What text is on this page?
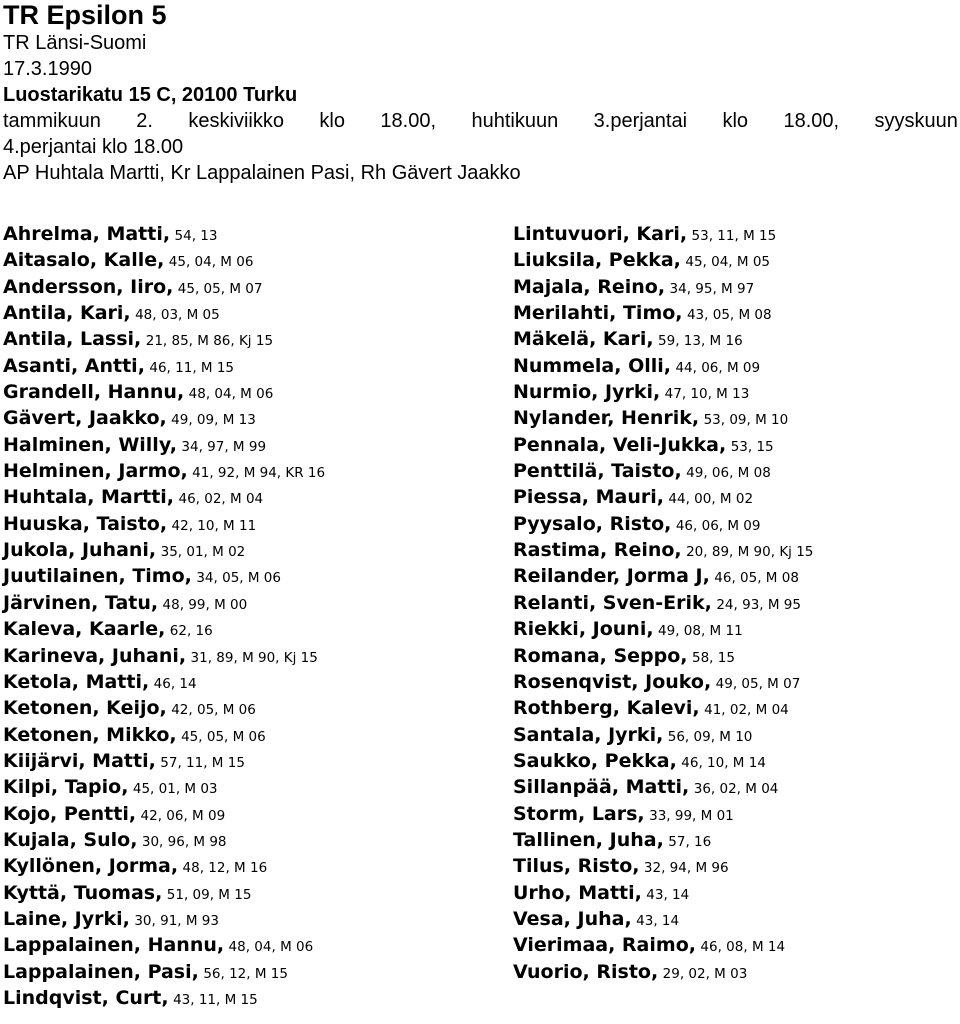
TR Epsilon 5
TR Länsi-Suomi
17.3.1990
Luostarikatu 15 C, 20100 Turku
tammikuun 2. keskiviikko klo 18.00, huhtikuun 3.perjantai klo 18.00, syyskuun
4.perjantai klo 18.00
AP Huhtala Martti, Kr Lappalainen Pasi, Rh Gävert Jaakko
Ahrelma, Matti, 54, 13
Aitasalo, Kalle, 45, 04, M 06
Andersson, Iiro, 45, 05, M 07
Antila, Kari, 48, 03, M 05
Antila, Lassi, 21, 85, M 86, Kj 15
Asanti, Antti, 46, 11, M 15
Grandell, Hannu, 48, 04, M 06
Gävert, Jaakko, 49, 09, M 13
Halminen, Willy, 34, 97, M 99
Helminen, Jarmo, 41, 92, M 94, KR 16
Huhtala, Martti, 46, 02, M 04
Huuska, Taisto, 42, 10, M 11
Jukola, Juhani, 35, 01, M 02
Juutilainen, Timo, 34, 05, M 06
Järvinen, Tatu, 48, 99, M 00
Kaleva, Kaarle, 62, 16
Karineva, Juhani, 31, 89, M 90, Kj 15
Ketola, Matti, 46, 14
Ketonen, Keijo, 42, 05, M 06
Ketonen, Mikko, 45, 05, M 06
Kiijärvi, Matti, 57, 11, M 15
Kilpi, Tapio, 45, 01, M 03
Kojo, Pentti, 42, 06, M 09
Kujala, Sulo, 30, 96, M 98
Kyllönen, Jorma, 48, 12, M 16
Kyttä, Tuomas, 51, 09, M 15
Laine, Jyrki, 30, 91, M 93
Lappalainen, Hannu, 48, 04, M 06
Lappalainen, Pasi, 56, 12, M 15
Lindqvist, Curt, 43, 11, M 15
Lintuvuori, Kari, 53, 11, M 15
Liuksila, Pekka, 45, 04, M 05
Majala, Reino, 34, 95, M 97
Merilahti, Timo, 43, 05, M 08
Mäkelä, Kari, 59, 13, M 16
Nummela, Olli, 44, 06, M 09
Nurmio, Jyrki, 47, 10, M 13
Nylander, Henrik, 53, 09, M 10
Pennala, Veli-Jukka, 53, 15
Penttilä, Taisto, 49, 06, M 08
Piessa, Mauri, 44, 00, M 02
Pyysalo, Risto, 46, 06, M 09
Rastima, Reino, 20, 89, M 90, Kj 15
Reilander, Jorma J, 46, 05, M 08
Relanti, Sven-Erik, 24, 93, M 95
Riekki, Jouni, 49, 08, M 11
Romana, Seppo, 58, 15
Rosenqvist, Jouko, 49, 05, M 07
Rothberg, Kalevi, 41, 02, M 04
Santala, Jyrki, 56, 09, M 10
Saukko, Pekka, 46, 10, M 14
Sillanpää, Matti, 36, 02, M 04
Storm, Lars, 33, 99, M 01
Tallinen, Juha, 57, 16
Tilus, Risto, 32, 94, M 96
Urho, Matti, 43, 14
Vesa, Juha, 43, 14
Vierimaa, Raimo, 46, 08, M 14
Vuorio, Risto, 29, 02, M 03
